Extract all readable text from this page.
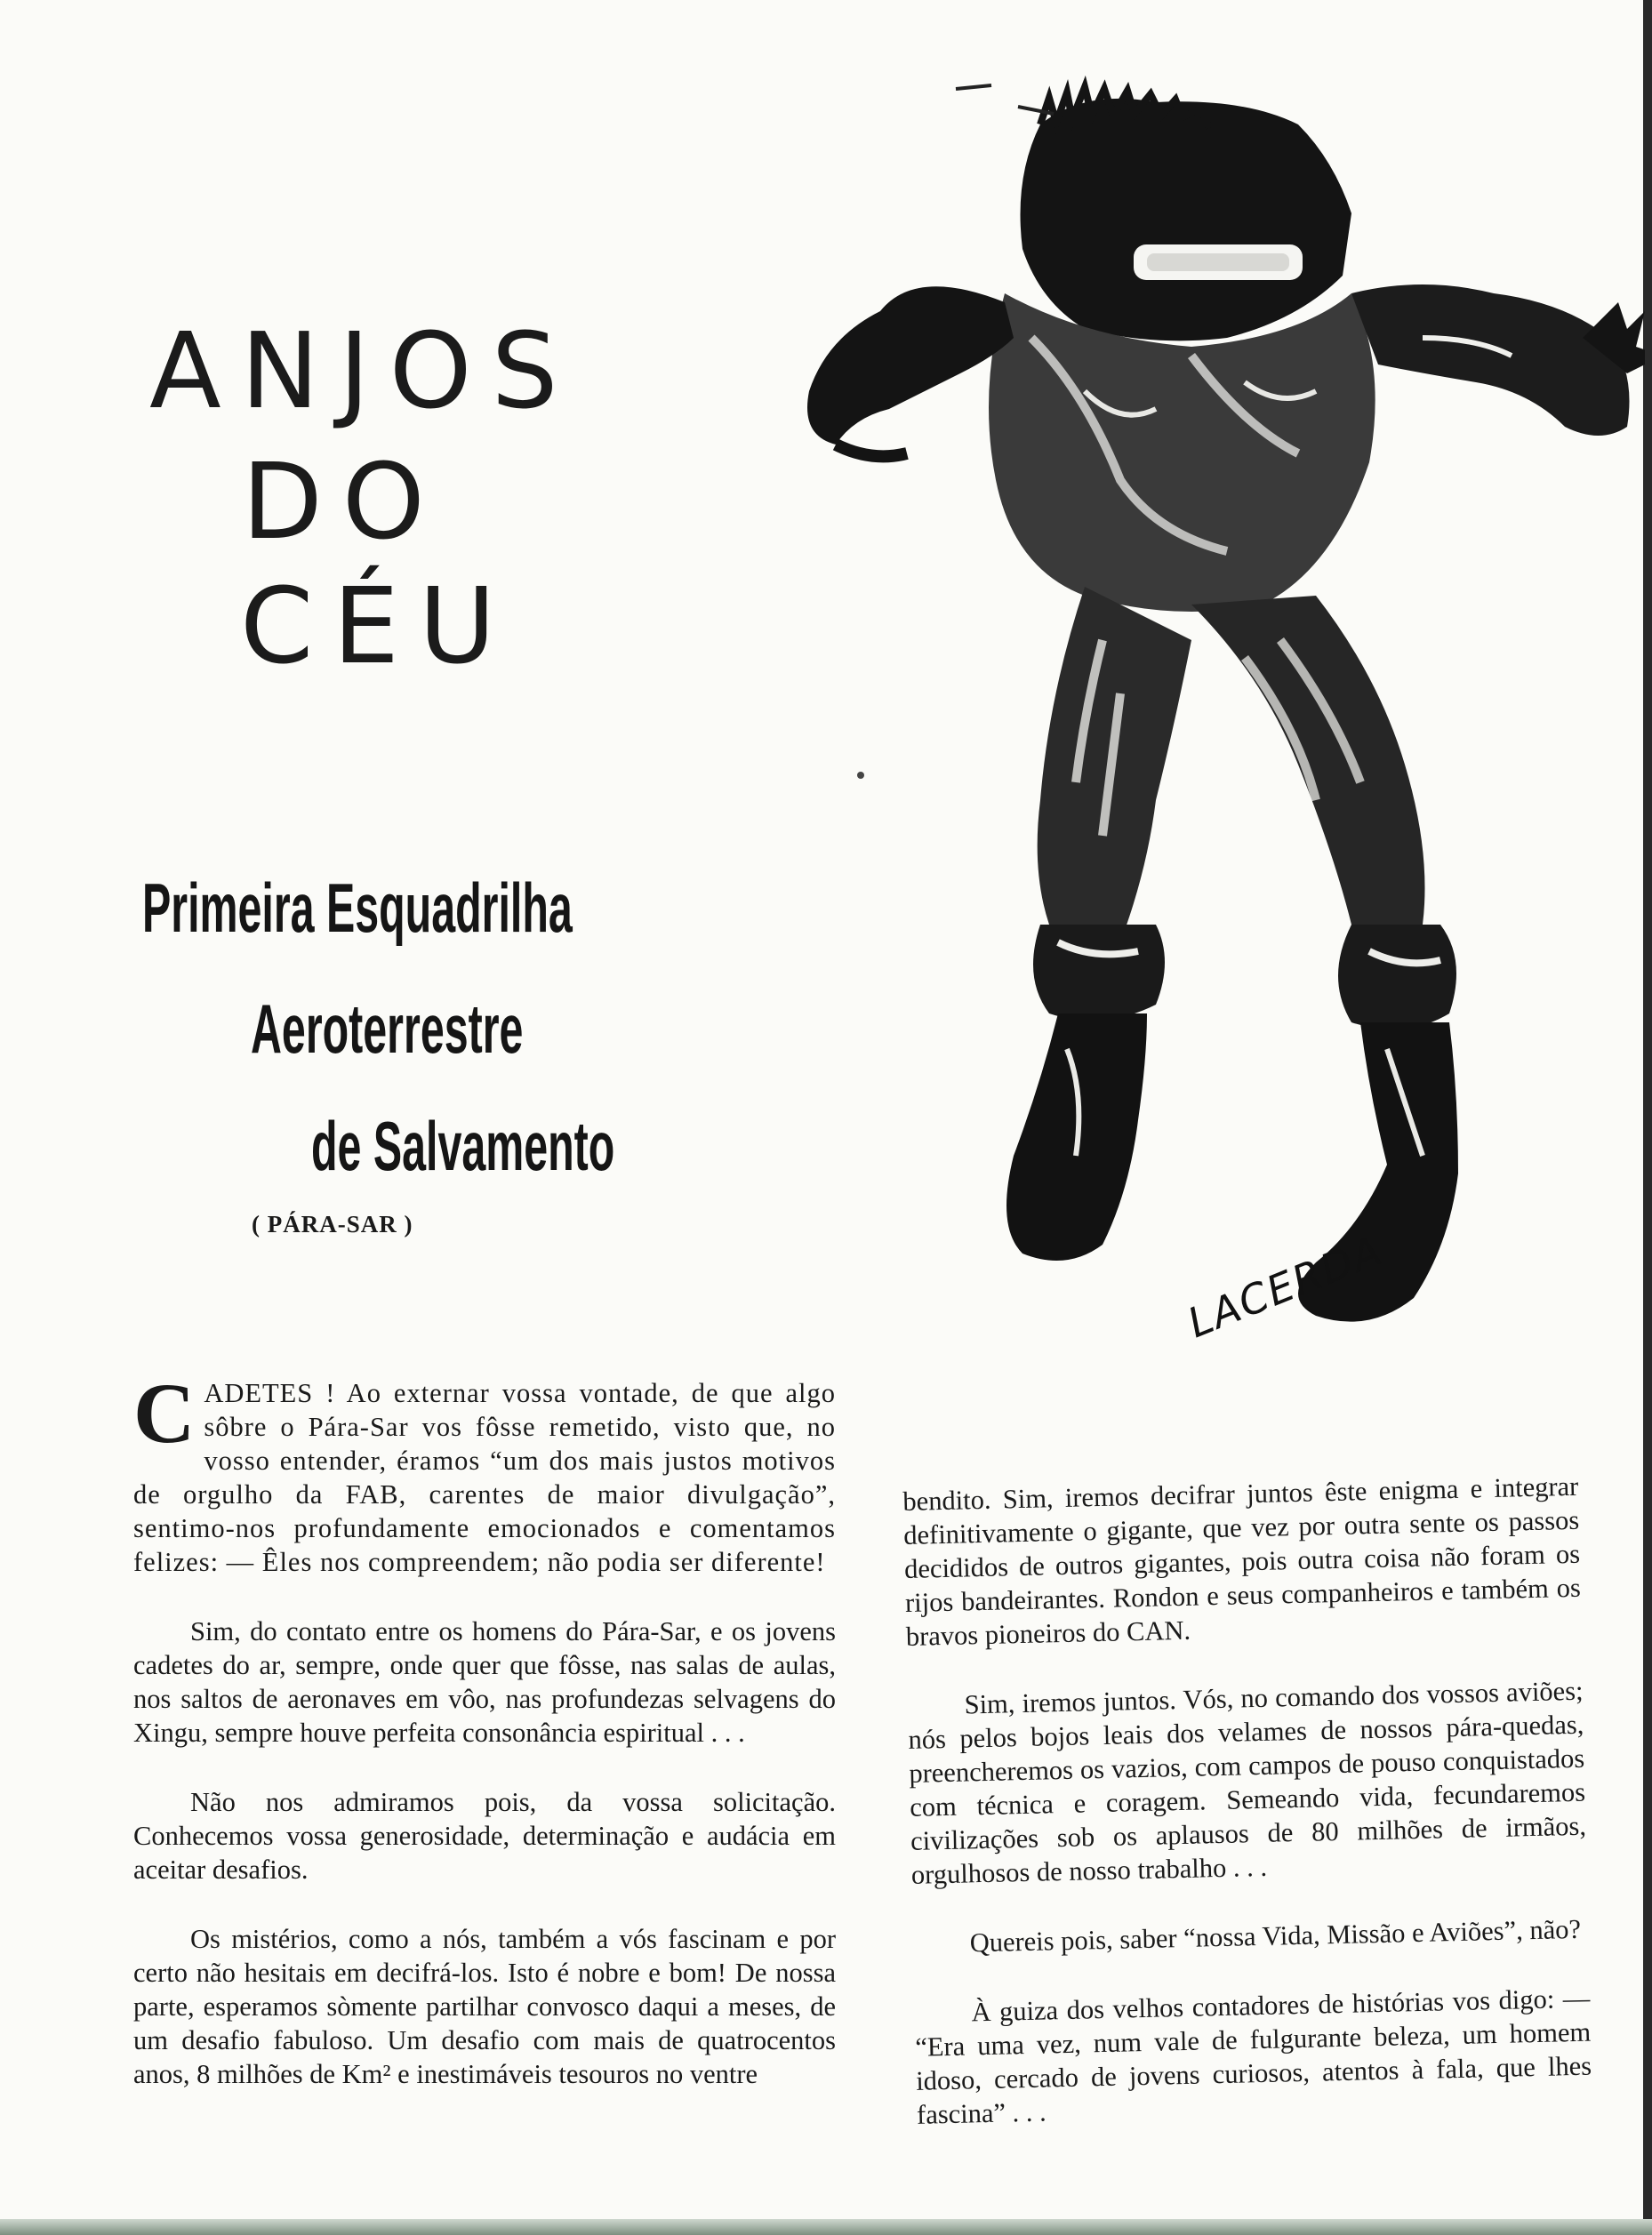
ANJOS
DO
CÉU
Primeira Esquadrilha
Aeroterrestre
de Salvamento
( PÁRA-SAR )
LACERDA

CADETES ! Ao externar vossa vontade, de que algo sôbre o Pára-Sar vos fôsse remetido, visto que, no vosso entender, éramos “um dos mais justos motivos de orgulho da FAB, carentes de maior divulgação”, sentimo-nos profundamente emocionados e comentamos felizes: — Êles nos compreendem; não podia ser diferente!

Sim, do contato entre os homens do Pára-Sar, e os jovens cadetes do ar, sempre, onde quer que fôsse, nas salas de aulas, nos saltos de aeronaves em vôo, nas profundezas selvagens do Xingu, sempre houve perfeita consonância espiritual . . .

Não nos admiramos pois, da vossa solicitação. Conhecemos vossa generosidade, determinação e audácia em aceitar desafios.

Os mistérios, como a nós, também a vós fascinam e por certo não hesitais em decifrá-los. Isto é nobre e bom! De nossa parte, esperamos sòmente partilhar convosco daqui a meses, de um desafio fabuloso. Um desafio com mais de quatrocentos anos, 8 milhões de Km² e inestimáveis tesouros no ventre

bendito. Sim, iremos decifrar juntos êste enigma e integrar definitivamente o gigante, que vez por outra sente os passos decididos de outros gigantes, pois outra coisa não foram os rijos bandeirantes. Rondon e seus companheiros e também os bravos pioneiros do CAN.

Sim, iremos juntos. Vós, no comando dos vossos aviões; nós pelos bojos leais dos velames de nossos pára-quedas, preencheremos os vazios, com campos de pouso conquistados com técnica e coragem. Semeando vida, fecundaremos civilizações sob os aplausos de 80 milhões de irmãos, orgulhosos de nosso trabalho . . .

Quereis pois, saber “nossa Vida, Missão e Aviões”, não?

À guiza dos velhos contadores de histórias vos digo: — “Era uma vez, num vale de fulgurante beleza, um homem idoso, cercado de jovens curiosos, atentos à fala, que lhes fascina” . . .
